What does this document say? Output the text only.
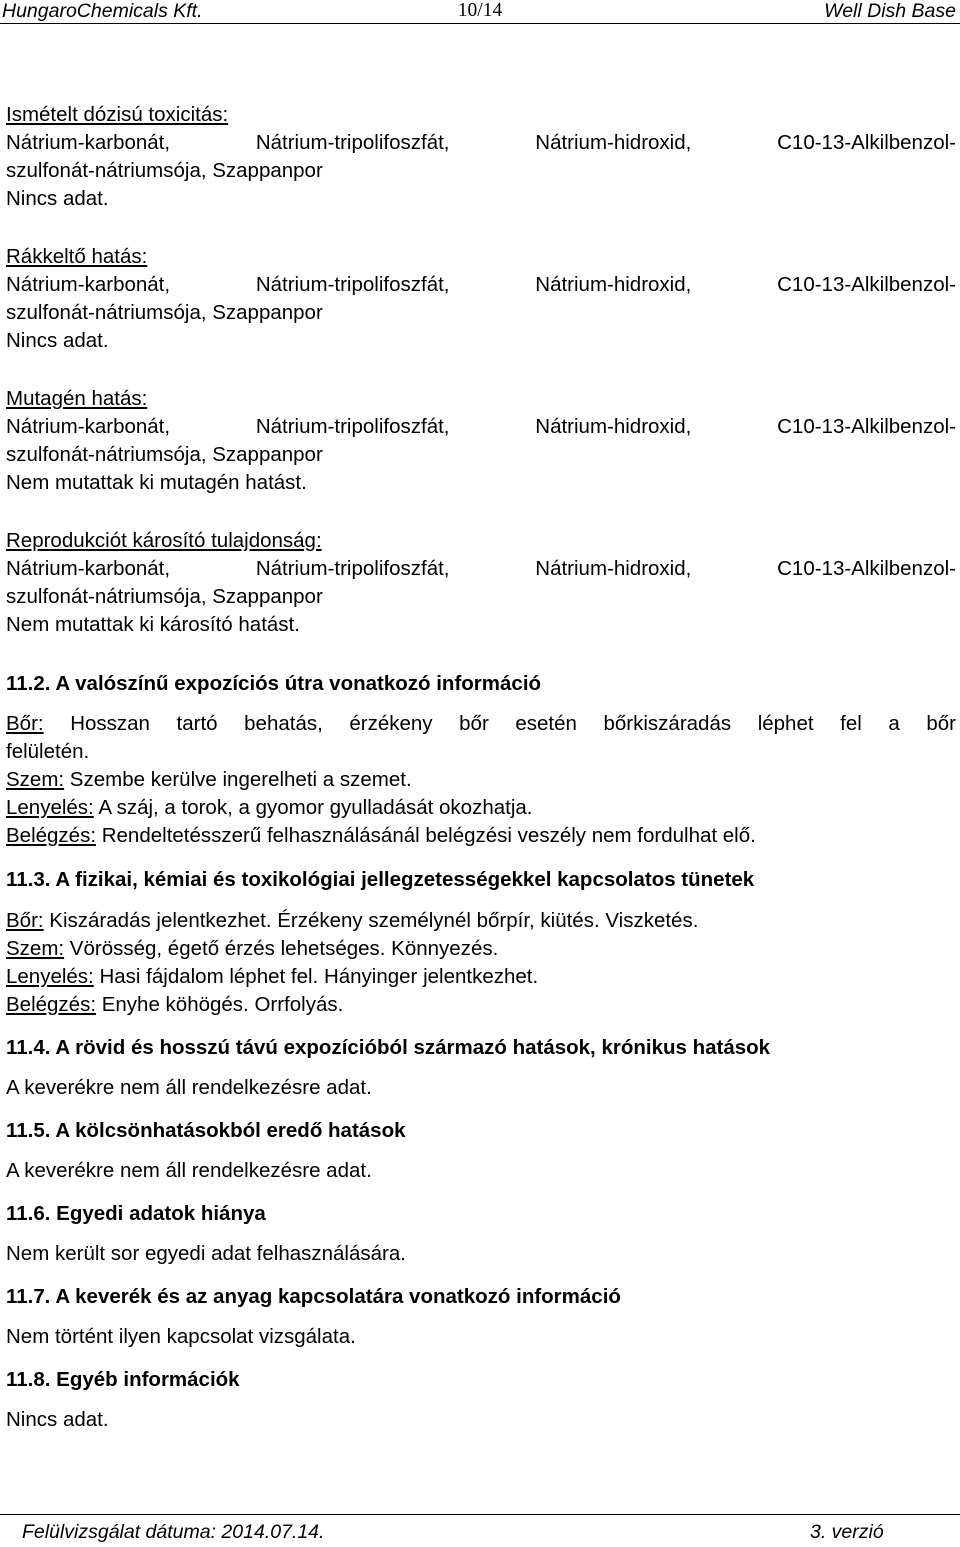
10/14
HungaroChemicals Kft.	Well Dish Base
Ismételt dózisú toxicitás:
Nátrium-karbonát,	Nátrium-tripolifoszfát,	Nátrium-hidroxid,	C10-13-Alkilbenzol-
szulfonát-nátriumsója, Szappanpor
Nincs adat.
Rákkeltő hatás:
Nátrium-karbonát,	Nátrium-tripolifoszfát,	Nátrium-hidroxid,	C10-13-Alkilbenzol-
szulfonát-nátriumsója, Szappanpor
Nincs adat.
Mutagén hatás:
Nátrium-karbonát,	Nátrium-tripolifoszfát,	Nátrium-hidroxid,	C10-13-Alkilbenzol-
szulfonát-nátriumsója, Szappanpor
Nem mutattak ki mutagén hatást.
Reprodukciót károsító tulajdonság:
Nátrium-karbonát,	Nátrium-tripolifoszfát,	Nátrium-hidroxid,	C10-13-Alkilbenzol-
szulfonát-nátriumsója, Szappanpor
Nem mutattak ki károsító hatást.
11.2. A valószínű expozíciós útra vonatkozó információ
Bőr: Hosszan tartó behatás, érzékeny bőr esetén bőrkiszáradás léphet fel a bőr
felületén.
Szem: Szembe kerülve ingerelheti a szemet.
Lenyelés: A száj, a torok, a gyomor gyulladását okozhatja.
Belégzés: Rendeltetésszerű felhasználásánál belégzési veszély nem fordulhat elő.
11.3. A fizikai, kémiai és toxikológiai jellegzetességekkel kapcsolatos tünetek
Bőr: Kiszáradás jelentkezhet. Érzékeny személynél bőrpír, kiütés. Viszketés.
Szem: Vörösség, égető érzés lehetséges. Könnyezés.
Lenyelés: Hasi fájdalom léphet fel. Hányinger jelentkezhet.
Belégzés: Enyhe köhögés. Orrfolyás.
11.4. A rövid és hosszú távú expozícióból származó hatások, krónikus hatások
A keverékre nem áll rendelkezésre adat.
11.5. A kölcsönhatásokból eredő hatások
A keverékre nem áll rendelkezésre adat.
11.6. Egyedi adatok hiánya
Nem került sor egyedi adat felhasználására.
11.7. A keverék és az anyag kapcsolatára vonatkozó információ
Nem történt ilyen kapcsolat vizsgálata.
11.8. Egyéb információk
Nincs adat.
Felülvizsgálat dátuma: 2014.07.14.	3. verzió
